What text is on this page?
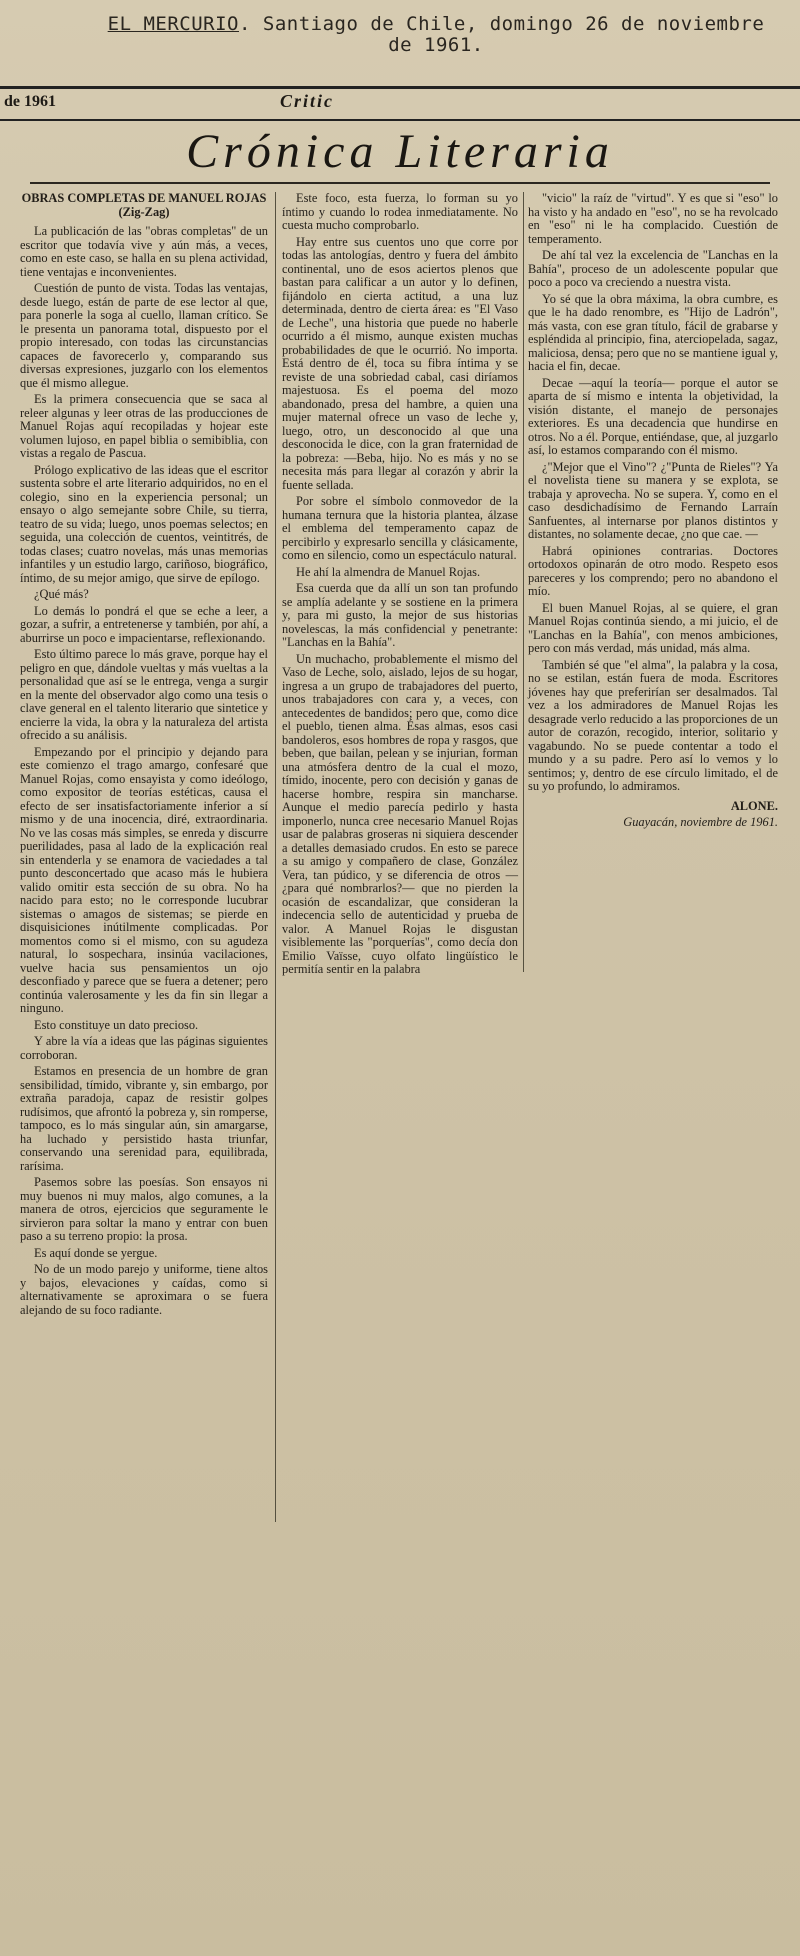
EL MERCURIO. Santiago de Chile, domingo 26 de noviembre de 1961.
de 1961	Critic
Crónica Literaria

OBRAS COMPLETAS DE MANUEL ROJAS (Zig-Zag)

La publicación de las "obras completas" de un escritor que todavía vive y aún más, a veces, como en este caso, se halla en su plena actividad, tiene ventajas e inconvenientes.

Cuestión de punto de vista. Todas las ventajas, desde luego, están de parte de ese lector al que, para ponerle la soga al cuello, llaman crítico. Se le presenta un panorama total, dispuesto por el propio interesado, con todas las circunstancias capaces de favorecerlo y, comparando sus diversas expresiones, juzgarlo con los elementos que él mismo allegue.

Es la primera consecuencia que se saca al releer algunas y leer otras de las producciones de Manuel Rojas aquí recopiladas y hojear este volumen lujoso, en papel biblia o semibiblia, con vistas a regalo de Pascua.

Prólogo explicativo de las ideas que el escritor sustenta sobre el arte literario adquiridos, no en el colegio, sino en la experiencia personal; un ensayo o algo semejante sobre Chile, su tierra, teatro de su vida; luego, unos poemas selectos; en seguida, una colección de cuentos, veintitrés, de todas clases; cuatro novelas, más unas memorias infantiles y un estudio largo, cariñoso, biográfico, íntimo, de su mejor amigo, que sirve de epílogo.

¿Qué más?

Lo demás lo pondrá el que se eche a leer, a gozar, a sufrir, a entretenerse y también, por ahí, a aburrirse un poco e impacientarse, reflexionando.

Esto último parece lo más grave, porque hay el peligro en que, dándole vueltas y más vueltas a la personalidad que así se le entrega, venga a surgir en la mente del observador algo como una tesis o clave general en el talento literario que sintetice y encierre la vida, la obra y la naturaleza del artista ofrecido a su análisis.

Empezando por el principio y dejando para este comienzo el trago amargo, confesaré que Manuel Rojas, como ensayista y como ideólogo, como expositor de teorías estéticas, causa el efecto de ser insatisfactoriamente inferior a sí mismo y de una inocencia, diré, extraordinaria. No ve las cosas más simples, se enreda y discurre puerilidades, pasa al lado de la explicación real sin entenderla y se enamora de vaciedades a tal punto desconcertado que acaso más le hubiera valido omitir esta sección de su obra. No ha nacido para esto; no le corresponde lucubrar sistemas o amagos de sistemas; se pierde en disquisiciones inútilmente complicadas. Por momentos como si el mismo, con su agudeza natural, lo sospechara, insinúa vacilaciones, vuelve hacia sus pensamientos un ojo desconfiado y parece que se fuera a detener; pero continúa valerosamente y les da fin sin llegar a ninguno.

Esto constituye un dato precioso.

Y abre la vía a ideas que las páginas siguientes corroboran.

Estamos en presencia de un hombre de gran sensibilidad, tímido, vibrante y, sin embargo, por extraña paradoja, capaz de resistir golpes rudísimos, que afrontó la pobreza y, sin romperse, tampoco, es lo más singular aún, sin amargarse, ha luchado y persistido hasta triunfar, conservando una serenidad para, equilibrada, rarísima.

Pasemos sobre las poesías. Son ensayos ni muy buenos ni muy malos, algo comunes, a la manera de otros, ejercicios que seguramente le sirvieron para soltar la mano y entrar con buen paso a su terreno propio: la prosa.

Es aquí donde se yergue.

No de un modo parejo y uniforme, tiene altos y bajos, elevaciones y caídas, como si alternativamente se aproximara o se fuera alejando de su foco radiante.

Este foco, esta fuerza, lo forman su yo íntimo y cuando lo rodea inmediatamente. No cuesta mucho comprobarlo.

Hay entre sus cuentos uno que corre por todas las antologías, dentro y fuera del ámbito continental, uno de esos aciertos plenos que bastan para calificar a un autor y lo definen, fijándolo en cierta actitud, a una luz determinada, dentro de cierta área: es "El Vaso de Leche", una historia que puede no haberle ocurrido a él mismo, aunque existen muchas probabilidades de que le ocurrió. No importa. Está dentro de él, toca su fibra íntima y se reviste de una sobriedad cabal, casi diríamos majestuosa. Es el poema del mozo abandonado, presa del hambre, a quien una mujer maternal ofrece un vaso de leche y, luego, otro, un desconocido al que una desconocida le dice, con la gran fraternidad de la pobreza: —Beba, hijo. No es más y no se necesita más para llegar al corazón y abrir la fuente sellada.

Por sobre el símbolo conmovedor de la humana ternura que la historia plantea, álzase el emblema del temperamento capaz de percibirlo y expresarlo sencilla y clásicamente, como en silencio, como un espectáculo natural.

He ahí la almendra de Manuel Rojas.

Esa cuerda que da allí un son tan profundo se amplía adelante y se sostiene en la primera y, para mi gusto, la mejor de sus historias novelescas, la más confidencial y penetrante: "Lanchas en la Bahía".

Un muchacho, probablemente el mismo del Vaso de Leche, solo, aislado, lejos de su hogar, ingresa a un grupo de trabajadores del puerto, unos trabajadores con cara y, a veces, con antecedentes de bandidos; pero que, como dice el pueblo, tienen alma. Ésas almas, esos casi bandoleros, esos hombres de ropa y rasgos, que beben, que bailan, pelean y se injurian, forman una atmósfera dentro de la cual el mozo, tímido, inocente, pero con decisión y ganas de hacerse hombre, respira sin mancharse. Aunque el medio parecía pedirlo y hasta imponerlo, nunca cree necesario Manuel Rojas usar de palabras groseras ni siquiera descender a detalles demasiado crudos. En esto se parece a su amigo y compañero de clase, González Vera, tan púdico, y se diferencia de otros —¿para qué nombrarlos?— que no pierden la ocasión de escandalizar, que consideran la indecencia sello de autenticidad y prueba de valor. A Manuel Rojas le disgustan visiblemente las "porquerías", como decía don Emilio Vaïsse, cuyo olfato lingüístico le permitía sentir en la palabra

"vicio" la raíz de "virtud". Y es que si "eso" lo ha visto y ha andado en "eso", no se ha revolcado en "eso" ni le ha complacido. Cuestión de temperamento.

De ahí tal vez la excelencia de "Lanchas en la Bahía", proceso de un adolescente popular que poco a poco va creciendo a nuestra vista.

Yo sé que la obra máxima, la obra cumbre, es que le ha dado renombre, es "Hijo de Ladrón", más vasta, con ese gran título, fácil de grabarse y espléndida al principio, fina, aterciopelada, sagaz, maliciosa, densa; pero que no se mantiene igual y, hacia el fin, decae.

Decae —aquí la teoría— porque el autor se aparta de sí mismo e intenta la objetividad, la visión distante, el manejo de personajes exteriores. Es una decadencia que hundirse en otros. No a él. Porque, entiéndase, que, al juzgarlo así, lo estamos comparando con él mismo.

¿"Mejor que el Vino"? ¿"Punta de Rieles"? Ya el novelista tiene su manera y se explota, se trabaja y aprovecha. No se supera. Y, como en el caso desdichadísimo de Fernando Larraín Sanfuentes, al internarse por planos distintos y distantes, no solamente decae, ¿no que cae. —

Habrá opiniones contrarias. Doctores ortodoxos opinarán de otro modo. Respeto esos pareceres y los comprendo; pero no abandono el mío.

El buen Manuel Rojas, al se quiere, el gran Manuel Rojas continúa siendo, a mi juicio, el de "Lanchas en la Bahía", con menos ambiciones, pero con más verdad, más unidad, más alma.

También sé que "el alma", la palabra y la cosa, no se estilan, están fuera de moda. Escritores jóvenes hay que preferirían ser desalmados. Tal vez a los admiradores de Manuel Rojas les desagrade verlo reducido a las proporciones de un autor de corazón, recogido, interior, solitario y vagabundo. No se puede contentar a todo el mundo y a su padre. Pero así lo vemos y lo sentimos; y, dentro de ese círculo limitado, el de su yo profundo, lo admiramos.

ALONE.

Guayacán, noviembre de 1961.
